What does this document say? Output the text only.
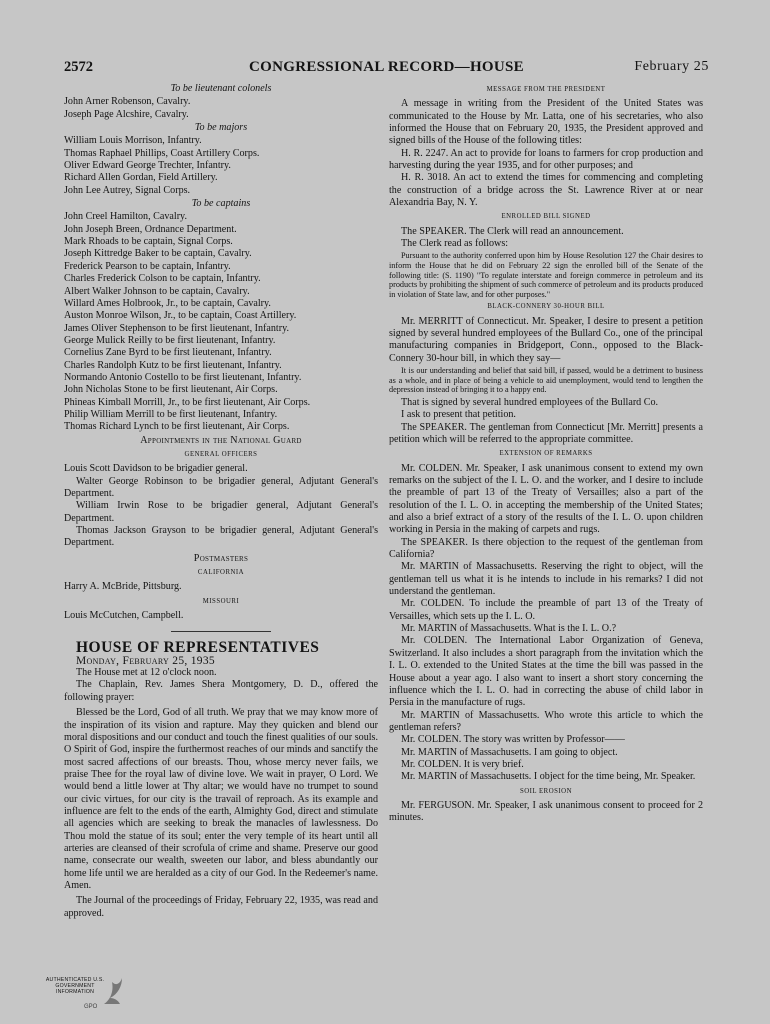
CONGRESSIONAL RECORD—HOUSE
2572	February 25

To be lieutenant colonels

John Arner Robenson, Cavalry.

Joseph Page Alcshire, Cavalry.

To be majors

William Louis Morrison, Infantry.

Thomas Raphael Phillips, Coast Artillery Corps.

Oliver Edward George Trechter, Infantry.

Richard Allen Gordan, Field Artillery.

John Lee Autrey, Signal Corps.

To be captains

John Creel Hamilton, Cavalry.

John Joseph Breen, Ordnance Department.

Mark Rhoads to be captain, Signal Corps.

Joseph Kittredge Baker to be captain, Cavalry.

Frederick Pearson to be captain, Infantry.

Charles Frederick Colson to be captain, Infantry.

Albert Walker Johnson to be captain, Cavalry.

Willard Ames Holbrook, Jr., to be captain, Cavalry.

Auston Monroe Wilson, Jr., to be captain, Coast Artillery.

James Oliver Stephenson to be first lieutenant, Infantry.

George Mulick Reilly to be first lieutenant, Infantry.

Cornelius Zane Byrd to be first lieutenant, Infantry.

Charles Randolph Kutz to be first lieutenant, Infantry.

Normando Antonio Costello to be first lieutenant, Infantry.

John Nicholas Stone to be first lieutenant, Air Corps.

Phineas Kimball Morrill, Jr., to be first lieutenant, Air Corps.

Philip William Merrill to be first lieutenant, Infantry.

Thomas Richard Lynch to be first lieutenant, Air Corps.

Appointments in the National Guard

GENERAL OFFICERS

Louis Scott Davidson to be brigadier general.

Walter George Robinson to be brigadier general, Adjutant General's Department.

William Irwin Rose to be brigadier general, Adjutant General's Department.

Thomas Jackson Grayson to be brigadier general, Adjutant General's Department.

Postmasters

CALIFORNIA

Harry A. McBride, Pittsburg.

MISSOURI

Louis McCutchen, Campbell.

HOUSE OF REPRESENTATIVES

Monday, February 25, 1935

The House met at 12 o'clock noon.

The Chaplain, Rev. James Shera Montgomery, D. D., offered the following prayer:

Blessed be the Lord, God of all truth. We pray that we may know more of the inspiration of its vision and rapture. May they quicken and blend our moral dispositions and our conduct and touch the finest qualities of our souls. O Spirit of God, inspire the furthermost reaches of our minds and sanctify the most sacred affections of our breasts. Thou, whose mercy never fails, we praise Thee for the royal law of divine love. We wait in prayer, O Lord. We would bend a little lower at Thy altar; we would have no trumpet to sound our civic virtues, for our city is the travail of reproach. As its example and influence are felt to the ends of the earth, Almighty God, direct and stimulate all agencies which are seeking to break the manacles of lawlessness. Do Thou mold the statue of its soul; enter the very temple of its heart until all arteries are cleansed of their scrofula of crime and shame. Preserve our good name, consecrate our wealth, sweeten our labor, and bless abundantly our home life until we are heralded as a city of our God. In the Redeemer's name. Amen.

The Journal of the proceedings of Friday, February 22, 1935, was read and approved.

MESSAGE FROM THE PRESIDENT

A message in writing from the President of the United States was communicated to the House by Mr. Latta, one of his secretaries, who also informed the House that on February 20, 1935, the President approved and signed bills of the House of the following titles:

H. R. 2247. An act to provide for loans to farmers for crop production and harvesting during the year 1935, and for other purposes; and

H. R. 3018. An act to extend the times for commencing and completing the construction of a bridge across the St. Lawrence River at or near Alexandria Bay, N. Y.

ENROLLED BILL SIGNED

The SPEAKER. The Clerk will read an announcement.

The Clerk read as follows:

Pursuant to the authority conferred upon him by House Resolution 127 the Chair desires to inform the House that he did on February 22 sign the enrolled bill of the Senate of the following title: (S. 1190) "To regulate interstate and foreign commerce in petroleum and its products by prohibiting the shipment of such commerce of petroleum and its products produced in violation of State law, and for other purposes."

BLACK-CONNERY 30-HOUR BILL

Mr. MERRITT of Connecticut. Mr. Speaker, I desire to present a petition signed by several hundred employees of the Bullard Co., one of the principal manufacturing companies in Bridgeport, Conn., opposed to the Black-Connery 30-hour bill, in which they say—

It is our understanding and belief that said bill, if passed, would be a detriment to business as a whole, and in place of being a vehicle to aid unemployment, would tend to lengthen the depression instead of bringing it to a happy end.

That is signed by several hundred employees of the Bullard Co.

I ask to present that petition.

The SPEAKER. The gentleman from Connecticut [Mr. Merritt] presents a petition which will be referred to the appropriate committee.

EXTENSION OF REMARKS

Mr. COLDEN. Mr. Speaker, I ask unanimous consent to extend my own remarks on the subject of the I. L. O. and the worker, and I desire to include the preamble of part 13 of the Treaty of Versailles; also a part of the resolution of the I. L. O. in accepting the membership of the United States; and also a brief extract of a story of the results of the I. L. O. upon children working in Persia in the making of carpets and rugs.

The SPEAKER. Is there objection to the request of the gentleman from California?

Mr. MARTIN of Massachusetts. Reserving the right to object, will the gentleman tell us what it is he intends to include in his remarks? I did not understand the gentleman.

Mr. COLDEN. To include the preamble of part 13 of the Treaty of Versailles, which sets up the I. L. O.

Mr. MARTIN of Massachusetts. What is the I. L. O.?

Mr. COLDEN. The International Labor Organization of Geneva, Switzerland. It also includes a short paragraph from the invitation which the I. L. O. extended to the United States at the time the bill was passed in the House about a year ago. I also want to insert a short story concerning the influence which the I. L. O. had in correcting the abuse of child labor in Persia in the manufacture of rugs.

Mr. MARTIN of Massachusetts. Who wrote this article to which the gentleman refers?

Mr. COLDEN. The story was written by Professor——

Mr. MARTIN of Massachusetts. I am going to object.

Mr. COLDEN. It is very brief.

Mr. MARTIN of Massachusetts. I object for the time being, Mr. Speaker.

SOIL EROSION

Mr. FERGUSON. Mr. Speaker, I ask unanimous consent to proceed for 2 minutes.

AUTHENTICATED U.S. GOVERNMENT INFORMATION
GPO
